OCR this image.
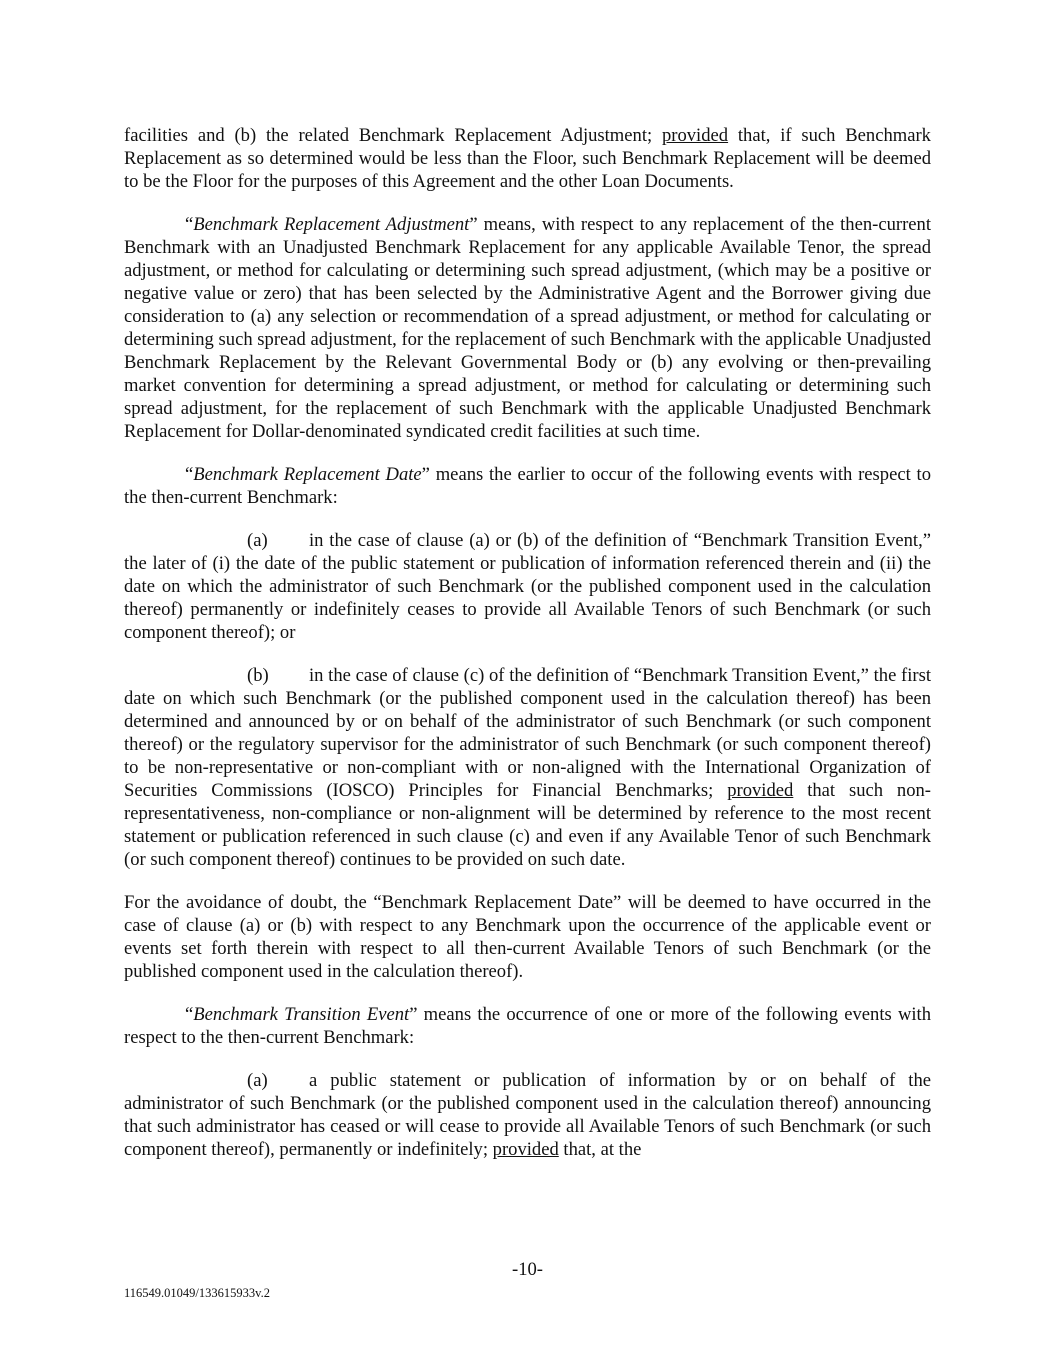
facilities and (b) the related Benchmark Replacement Adjustment; provided that, if such Benchmark Replacement as so determined would be less than the Floor, such Benchmark Replacement will be deemed to be the Floor for the purposes of this Agreement and the other Loan Documents.

“Benchmark Replacement Adjustment” means, with respect to any replacement of the then-current Benchmark with an Unadjusted Benchmark Replacement for any applicable Available Tenor, the spread adjustment, or method for calculating or determining such spread adjustment, (which may be a positive or negative value or zero) that has been selected by the Administrative Agent and the Borrower giving due consideration to (a) any selection or recommendation of a spread adjustment, or method for calculating or determining such spread adjustment, for the replacement of such Benchmark with the applicable Unadjusted Benchmark Replacement by the Relevant Governmental Body or (b) any evolving or then-prevailing market convention for determining a spread adjustment, or method for calculating or determining such spread adjustment, for the replacement of such Benchmark with the applicable Unadjusted Benchmark Replacement for Dollar-denominated syndicated credit facilities at such time.

“Benchmark Replacement Date” means the earlier to occur of the following events with respect to the then-current Benchmark:

(a) in the case of clause (a) or (b) of the definition of “Benchmark Transition Event,” the later of (i) the date of the public statement or publication of information referenced therein and (ii) the date on which the administrator of such Benchmark (or the published component used in the calculation thereof) permanently or indefinitely ceases to provide all Available Tenors of such Benchmark (or such component thereof); or

(b) in the case of clause (c) of the definition of “Benchmark Transition Event,” the first date on which such Benchmark (or the published component used in the calculation thereof) has been determined and announced by or on behalf of the administrator of such Benchmark (or such component thereof) or the regulatory supervisor for the administrator of such Benchmark (or such component thereof) to be non-representative or non-compliant with or non-aligned with the International Organization of Securities Commissions (IOSCO) Principles for Financial Benchmarks; provided that such non-representativeness, non-compliance or non-alignment will be determined by reference to the most recent statement or publication referenced in such clause (c) and even if any Available Tenor of such Benchmark (or such component thereof) continues to be provided on such date.

For the avoidance of doubt, the “Benchmark Replacement Date” will be deemed to have occurred in the case of clause (a) or (b) with respect to any Benchmark upon the occurrence of the applicable event or events set forth therein with respect to all then-current Available Tenors of such Benchmark (or the published component used in the calculation thereof).

“Benchmark Transition Event” means the occurrence of one or more of the following events with respect to the then-current Benchmark:

(a) a public statement or publication of information by or on behalf of the administrator of such Benchmark (or the published component used in the calculation thereof) announcing that such administrator has ceased or will cease to provide all Available Tenors of such Benchmark (or such component thereof), permanently or indefinitely; provided that, at the

-10-
116549.01049/133615933v.2
